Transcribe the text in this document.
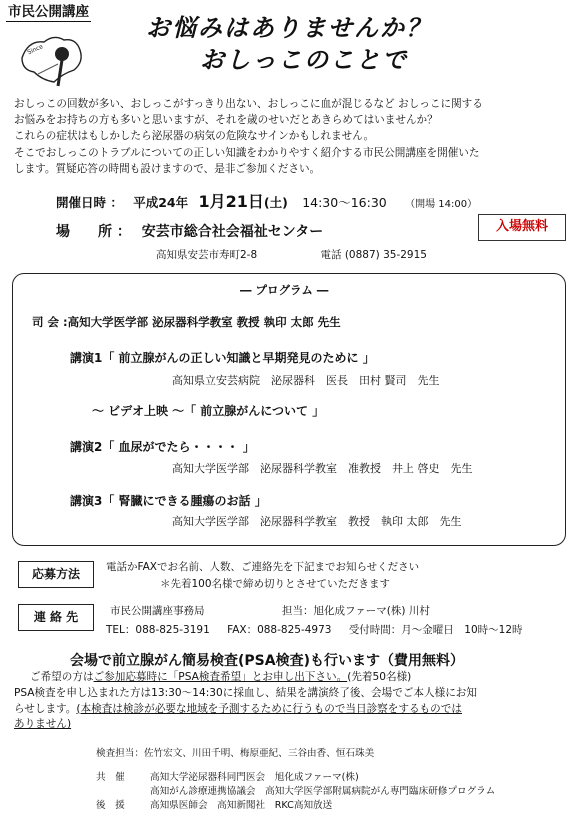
市民公開講座
Since
お悩みはありませんか？
おしっこのことで
おしっこの回数が多い、おしっこがすっきり出ない、おしっこに血が混じるなど おしっこに関する
お悩みをお持ちの方も多いと思いますが、それを歳のせいだとあきらめてはいませんか？
これらの症状はもしかしたら泌尿器の病気の危険なサインかもしれません。
そこでおしっこのトラブルについての正しい知識をわかりやすく紹介する市民公開講座を開催いた
します。質疑応答の時間も設けますので、是非ご参加ください。
開催日時 ： 平成24年 1月21日(土) 14:30〜16:30 （開場 14:00）
場　　所 ： 安芸市総合社会福祉センター	入場無料
高知県安芸市寿町2-8	電話 (0887) 35-2915
― プログラム ―
司 会 :高知大学医学部 泌尿器科学教室 教授 執印 太郎 先生
講演1「 前立腺がんの正しい知識と早期発見のために 」
高知県立安芸病院　泌尿器科　医長　田村 賢司　先生
〜 ビデオ上映 〜「 前立腺がんについて 」
講演2「 血尿がでたら・・・・ 」
高知大学医学部　泌尿器科学教室　准教授　井上 啓史　先生
講演3「 腎臓にできる腫瘍のお話 」
高知大学医学部　泌尿器科学教室　教授　執印 太郎　先生
応募方法	電話かFAXでお名前、人数、ご連絡先を下記までお知らせください
＊先着100名様で締め切りとさせていただきます
連 絡 先	市民公開講座事務局	担当：旭化成ファーマ(株) 川村
TEL：088-825-3191 FAX：088-825-4973 受付時間：月〜金曜日　10時〜12時
会場で前立腺がん簡易検査(PSA検査)も行います（費用無料）
ご希望の方はご参加応募時に「PSA検査希望」とお申し出下さい。(先着50名様)
PSA検査を申し込まれた方は13:30〜14:30に採血し、結果を講演終了後、会場でご本人様にお知
らせします。(本検査は検診が必要な地域を予測するために行うもので当日診察をするものでは
ありません)
検査担当：佐竹宏文、川田千明、梅原亜紀、三谷由香、恒石珠美
共　催	高知大学泌尿器科同門医会　旭化成ファーマ(株)
高知がん診療連携協議会　高知大学医学部附属病院がん専門臨床研修プログラム
後　援	高知県医師会　高知新聞社　RKC高知放送
